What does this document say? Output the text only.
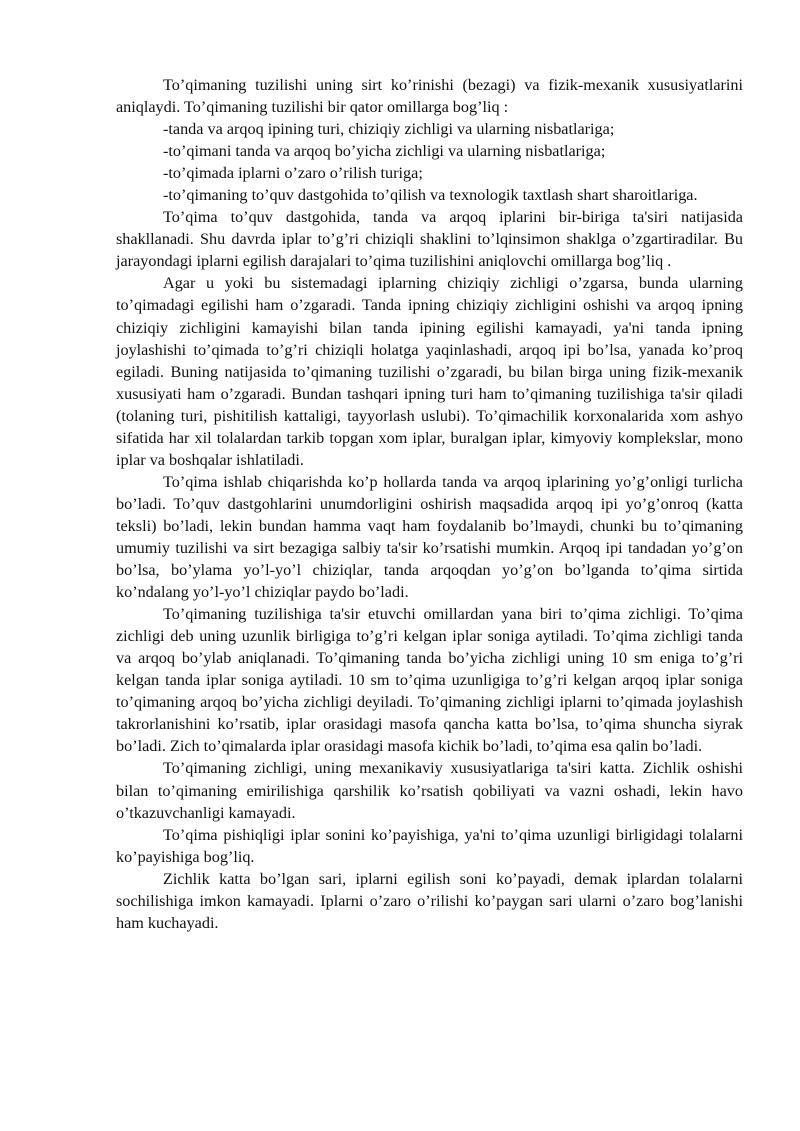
To’qimaning tuzilishi uning sirt ko’rinishi (bezagi) va fizik-mexanik xususiyatlarini aniqlaydi. To’qimaning tuzilishi bir qator omillarga bog’liq :

-tanda va arqoq ipining turi, chiziqiy zichligi va ularning nisbatlariga;

-to’qimani tanda va arqoq bo’yicha zichligi va ularning nisbatlariga;

-to’qimada iplarni o’zaro o’rilish turiga;

-to’qimaning to’quv dastgohida to’qilish va texnologik taxtlash shart sharoitlariga.

To’qima to’quv dastgohida, tanda va arqoq iplarini bir-biriga ta'siri natijasida shakllanadi. Shu davrda iplar to’g’ri chiziqli shaklini to’lqinsimon shaklga o’zgartiradilar. Bu jarayondagi iplarni egilish darajalari to’qima tuzilishini aniqlovchi omillarga bog’liq .

Agar u yoki bu sistemadagi iplarning chiziqiy zichligi o’zgarsa, bunda ularning to’qimadagi egilishi ham o’zgaradi. Tanda ipning chiziqiy zichligini oshishi va arqoq ipning chiziqiy zichligini kamayishi bilan tanda ipining egilishi kamayadi, ya'ni tanda ipning joylashishi to’qimada to’g’ri chiziqli holatga yaqinlashadi, arqoq ipi bo’lsa, yanada ko’proq egiladi. Buning natijasida to’qimaning tuzilishi o’zgaradi, bu bilan birga uning fizik-mexanik xususiyati ham o’zgaradi. Bundan tashqari ipning turi ham to’qimaning tuzilishiga ta'sir qiladi (tolaning turi, pishitilish kattaligi, tayyorlash uslubi). To’qimachilik korxonalarida xom ashyo sifatida har xil tolalardan tarkib topgan xom iplar, buralgan iplar, kimyoviy komplekslar, mono iplar va boshqalar ishlatiladi.

To’qima ishlab chiqarishda ko’p hollarda tanda va arqoq iplarining yo’g’onligi turlicha bo’ladi. To’quv dastgohlarini unumdorligini oshirish maqsadida arqoq ipi yo’g’onroq (katta teksli) bo’ladi, lekin bundan hamma vaqt ham foydalanib bo’lmaydi, chunki bu to’qimaning umumiy tuzilishi va sirt bezagiga salbiy ta'sir ko’rsatishi mumkin. Arqoq ipi tandadan yo’g’on bo’lsa, bo’ylama yo’l-yo’l chiziqlar, tanda arqoqdan yo’g’on bo’lganda to’qima sirtida ko’ndalang yo’l-yo’l chiziqlar paydo bo’ladi.

To’qimaning tuzilishiga ta'sir etuvchi omillardan yana biri to’qima zichligi. To’qima zichligi deb uning uzunlik birligiga to’g’ri kelgan iplar soniga aytiladi. To’qima zichligi tanda va arqoq bo’ylab aniqlanadi. To’qimaning tanda bo’yicha zichligi uning 10 sm eniga to’g’ri kelgan tanda iplar soniga aytiladi. 10 sm to’qima uzunligiga to’g’ri kelgan arqoq iplar soniga to’qimaning arqoq bo’yicha zichligi deyiladi. To’qimaning zichligi iplarni to’qimada joylashish takrorlanishini ko’rsatib, iplar orasidagi masofa qancha katta bo’lsa, to’qima shuncha siyrak bo’ladi. Zich to’qimalarda iplar orasidagi masofa kichik bo’ladi, to’qima esa qalin bo’ladi.

To’qimaning zichligi, uning mexanikaviy xususiyatlariga ta'siri katta. Zichlik oshishi bilan to’qimaning emirilishiga qarshilik ko’rsatish qobiliyati va vazni oshadi, lekin havo o’tkazuvchanligi kamayadi.

To’qima pishiqligi iplar sonini ko’payishiga, ya'ni to’qima uzunligi birligidagi tolalarni ko’payishiga bog’liq.

Zichlik katta bo’lgan sari, iplarni egilish soni ko’payadi, demak iplardan tolalarni sochilishiga imkon kamayadi. Iplarni o’zaro o’rilishi ko’paygan sari ularni o’zaro bog’lanishi ham kuchayadi.
